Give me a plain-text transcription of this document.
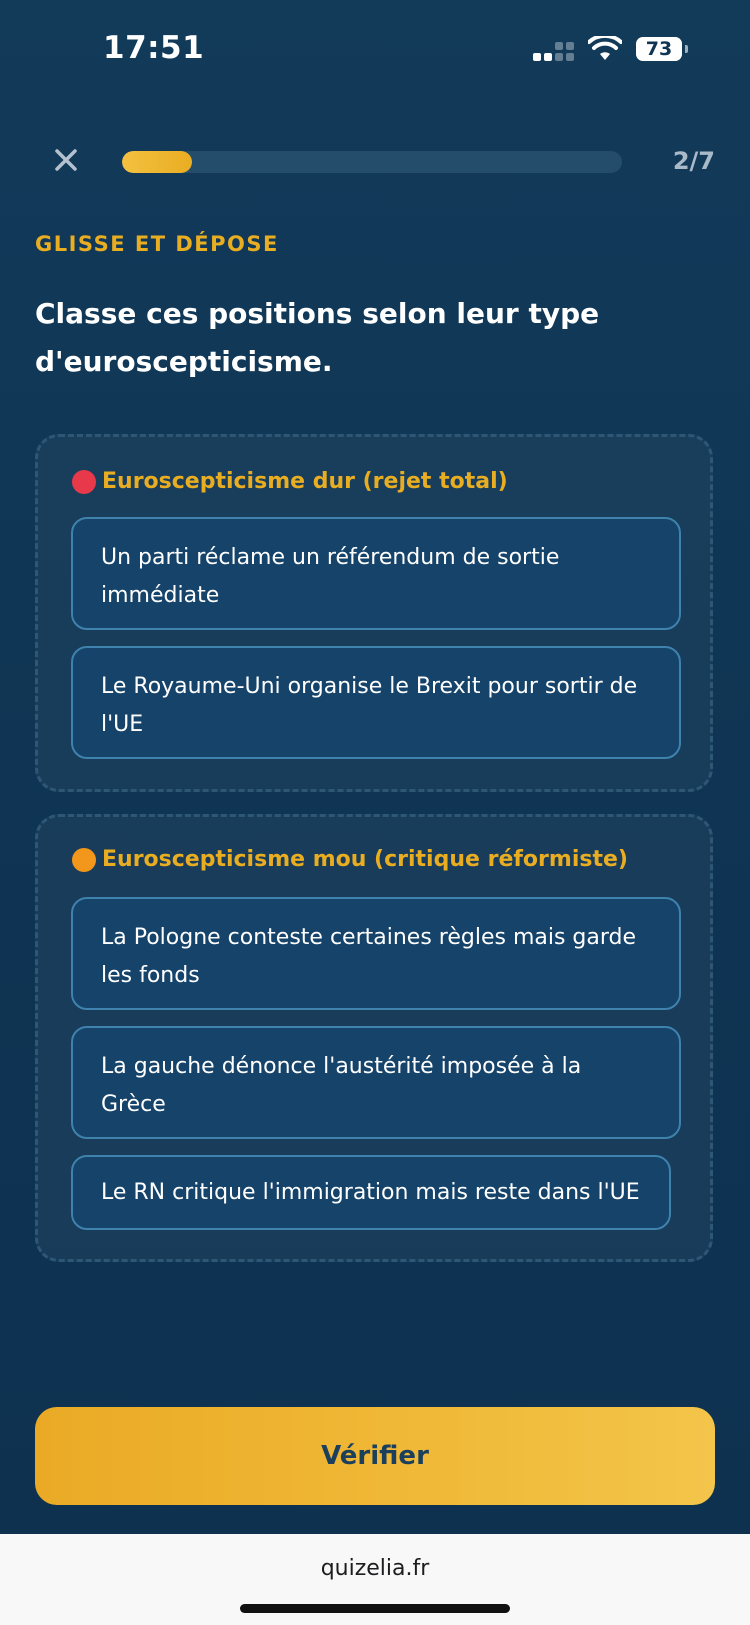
17:51	73
2/7
GLISSE ET DÉPOSE
Classe ces positions selon leur type d'euroscepticisme.
Euroscepticisme dur (rejet total)
Un parti réclame un référendum de sortie immédiate
Le Royaume-Uni organise le Brexit pour sortir de l'UE
Euroscepticisme mou (critique réformiste)
La Pologne conteste certaines règles mais garde les fonds
La gauche dénonce l'austérité imposée à la Grèce
Le RN critique l'immigration mais reste dans l'UE
Vérifier
quizelia.fr
